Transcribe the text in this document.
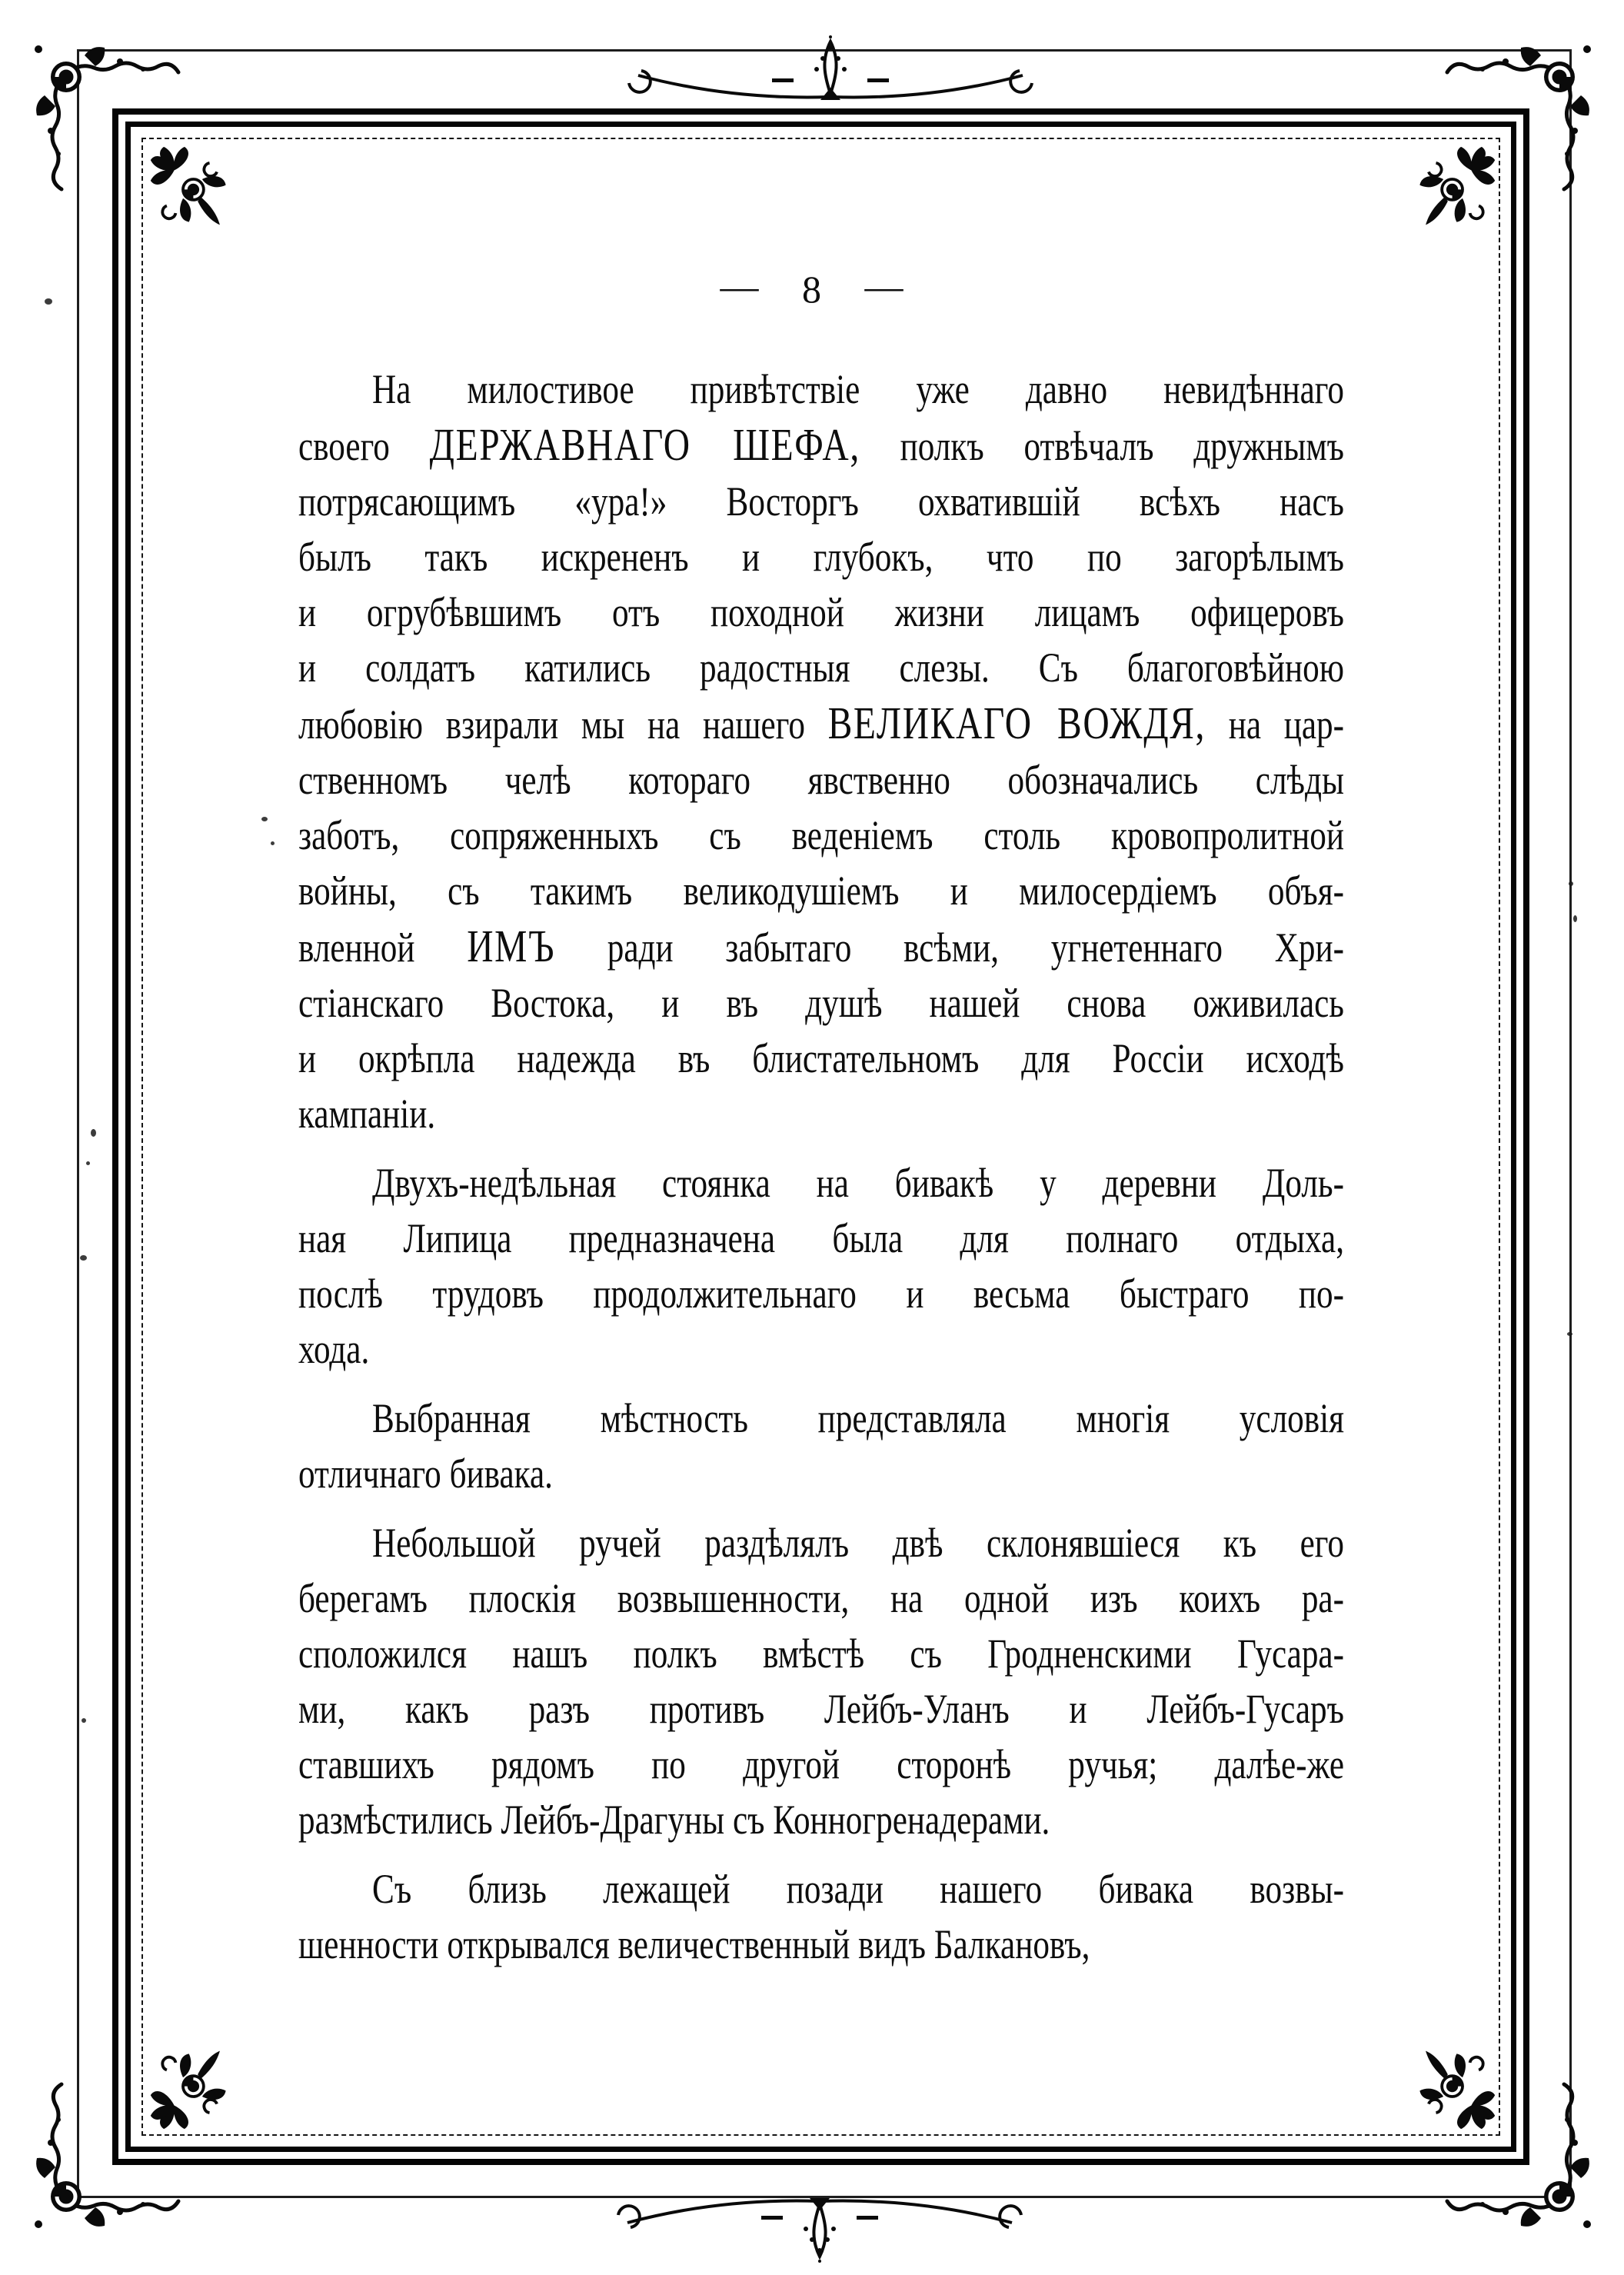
— 8 —
На милостивое привѣтствіе уже давно невидѣннаго
своего ДЕРЖАВНАГО ШЕФА, полкъ отвѣчалъ дружнымъ
потрясающимъ «ура!» Восторгъ охватившій всѣхъ насъ
былъ такъ искрененъ и глубокъ, что по загорѣлымъ
и огрубѣвшимъ отъ походной жизни лицамъ офицеровъ
и солдатъ катились радостныя слезы. Съ благоговѣйною
любовію взирали мы на нашего ВЕЛИКАГО ВОЖДЯ, на цар-
ственномъ челѣ котораго явственно обозначались слѣды
заботъ, сопряженныхъ съ веденіемъ столь кровопролитной
войны, съ такимъ великодушіемъ и милосердіемъ объя-
вленной ИМЪ ради забытаго всѣми, угнетеннаго Хри-
стіанскаго Востока, и въ душѣ нашей снова оживилась
и окрѣпла надежда въ блистательномъ для Россіи исходѣ
кампаніи.
Двухъ-недѣльная стоянка на бивакѣ у деревни Доль-
ная Липица предназначена была для полнаго отдыха,
послѣ трудовъ продолжительнаго и весьма быстраго по-
хода.
Выбранная мѣстность представляла многія условія
отличнаго бивака.
Небольшой ручей раздѣлялъ двѣ склонявшіеся къ его
берегамъ плоскія возвышенности, на одной изъ коихъ ра-
сположился нашъ полкъ вмѣстѣ съ Гродненскими Гусара-
ми, какъ разъ противъ Лейбъ-Уланъ и Лейбъ-Гусаръ
ставшихъ рядомъ по другой сторонѣ ручья; далѣе-же
размѣстились Лейбъ-Драгуны съ Конногренадерами.
Съ близь лежащей позади нашего бивака возвы-
шенности открывался величественный видъ Балкановъ,
